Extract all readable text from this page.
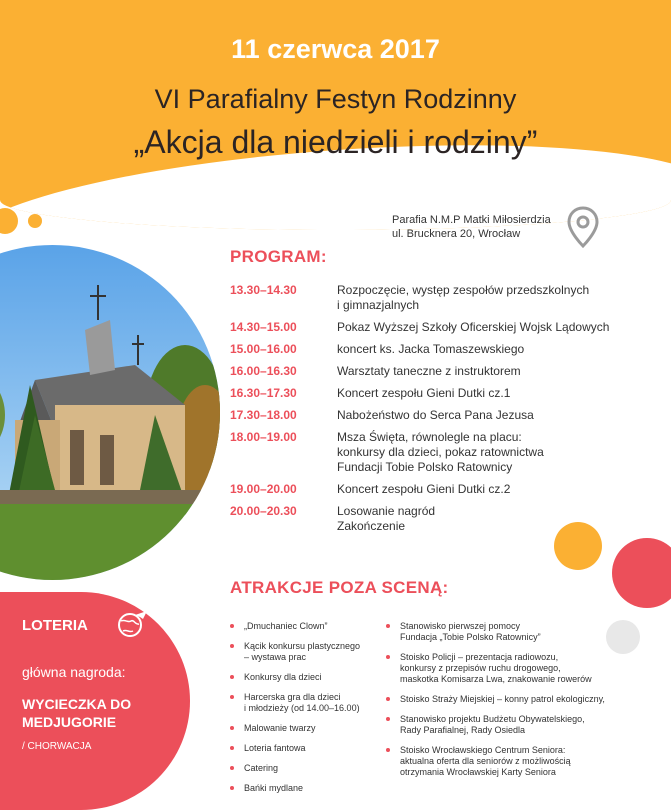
11 czerwca 2017
VI Parafialny Festyn Rodzinny
„Akcja dla niedzieli i rodziny”
Parafia N.M.P Matki Miłosierdzia
ul. Brucknera 20, Wrocław
PROGRAM:
13.30–14.30	Rozpoczęcie, występ zespołów przedszkolnych
i gimnazjalnych
14.30–15.00	Pokaz Wyższej Szkoły Oficerskiej Wojsk Lądowych
15.00–16.00	koncert ks. Jacka Tomaszewskiego
16.00–16.30	Warsztaty taneczne z instruktorem
16.30–17.30	Koncert zespołu Gieni Dutki cz.1
17.30–18.00	Nabożeństwo do Serca Pana Jezusa
18.00–19.00	Msza Święta, równolegle na placu:
konkursy dla dzieci, pokaz ratownictwa
Fundacji Tobie Polsko Ratownicy
19.00–20.00	Koncert zespołu Gieni Dutki cz.2
20.00–20.30	Losowanie nagród
Zakończenie
ATRAKCJE POZA SCENĄ:
„Dmuchaniec Clown”
Kącik konkursu plastycznego
– wystawa prac
Konkursy dla dzieci
Harcerska gra dla dzieci
i młodzieży (od 14.00–16.00)
Malowanie twarzy
Loteria fantowa
Catering
Bańki mydlane
Stanowisko pierwszej pomocy
Fundacja „Tobie Polsko Ratownicy”
Stoisko Policji – prezentacja radiowozu,
konkursy z przepisów ruchu drogowego,
maskotka Komisarza Lwa, znakowanie rowerów
Stoisko Straży Miejskiej – konny patrol ekologiczny,
Stanowisko projektu Budżetu Obywatelskiego,
Rady Parafialnej, Rady Osiedla
Stoisko Wrocławskiego Centrum Seniora:
aktualna oferta dla seniorów z możliwością
otrzymania Wrocławskiej Karty Seniora
LOTERIA
główna nagroda:
WYCIECZKA DO
MEDJUGORIE
/ CHORWACJA
